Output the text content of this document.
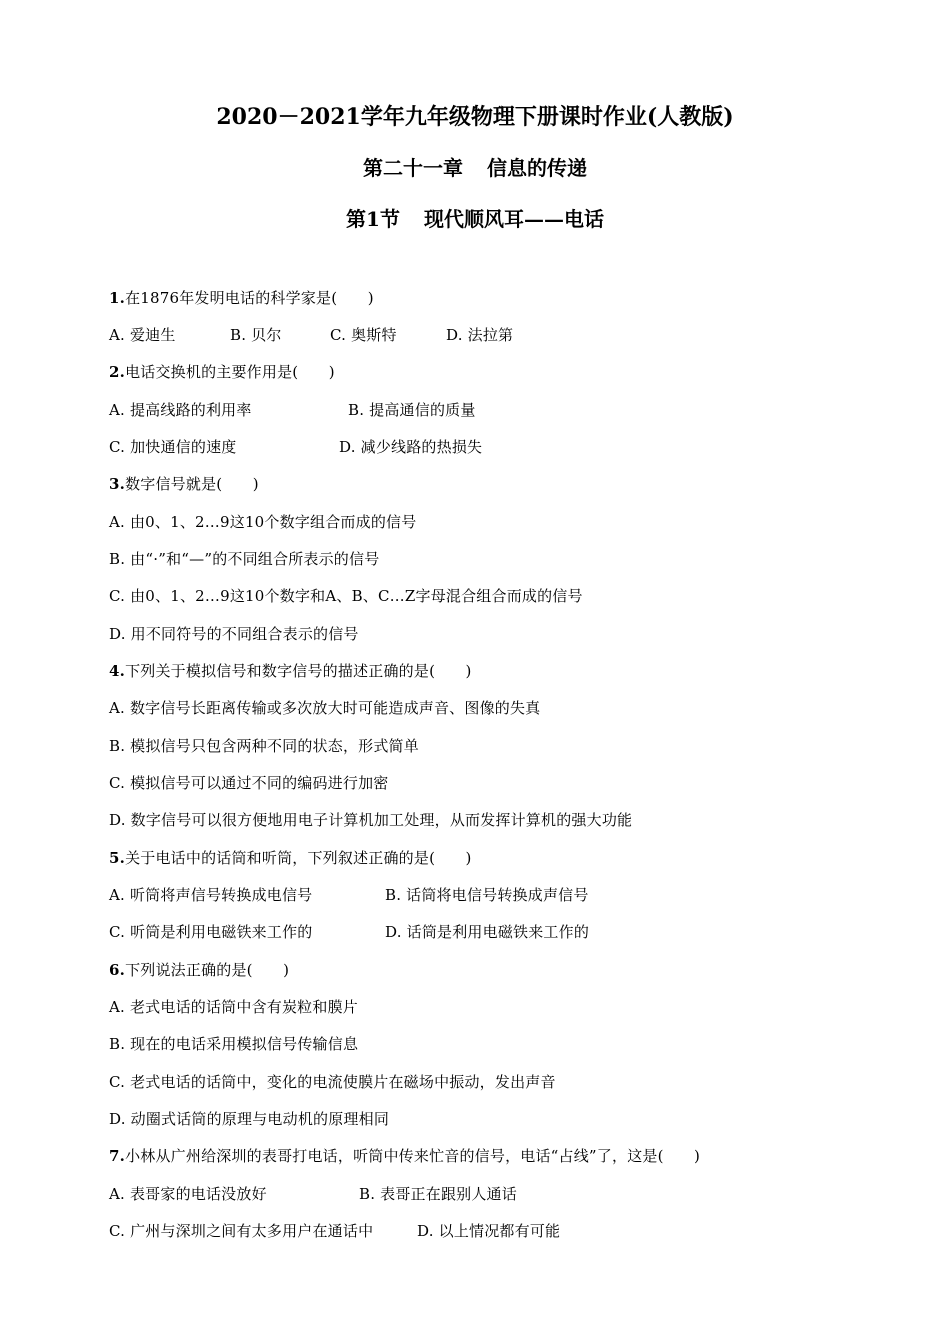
2020－2021学年九年级物理下册课时作业(人教版)
第二十一章 信息的传递
第1节 现代顺风耳——电话
1.在1876年发明电话的科学家是(　　)
A. 爱迪生	B. 贝尔	C. 奥斯特	D. 法拉第
2.电话交换机的主要作用是(　　)
A. 提高线路的利用率	B. 提高通信的质量
C. 加快通信的速度	D. 减少线路的热损失
3.数字信号就是(　　)
A. 由0、1、2…9这10个数字组合而成的信号
B. 由“·”和“—”的不同组合所表示的信号
C. 由0、1、2…9这10个数字和A、B、C…Z字母混合组合而成的信号
D. 用不同符号的不同组合表示的信号
4.下列关于模拟信号和数字信号的描述正确的是(　　)
A. 数字信号长距离传输或多次放大时可能造成声音、图像的失真
B. 模拟信号只包含两种不同的状态，形式简单
C. 模拟信号可以通过不同的编码进行加密
D. 数字信号可以很方便地用电子计算机加工处理，从而发挥计算机的强大功能
5.关于电话中的话筒和听筒，下列叙述正确的是(　　)
A. 听筒将声信号转换成电信号	B. 话筒将电信号转换成声信号
C. 听筒是利用电磁铁来工作的	D. 话筒是利用电磁铁来工作的
6.下列说法正确的是(　　)
A. 老式电话的话筒中含有炭粒和膜片
B. 现在的电话采用模拟信号传输信息
C. 老式电话的话筒中，变化的电流使膜片在磁场中振动，发出声音
D. 动圈式话筒的原理与电动机的原理相同
7.小林从广州给深圳的表哥打电话，听筒中传来忙音的信号，电话“占线”了，这是(　　)
A. 表哥家的电话没放好	B. 表哥正在跟别人通话
C. 广州与深圳之间有太多用户在通话中	D. 以上情况都有可能
